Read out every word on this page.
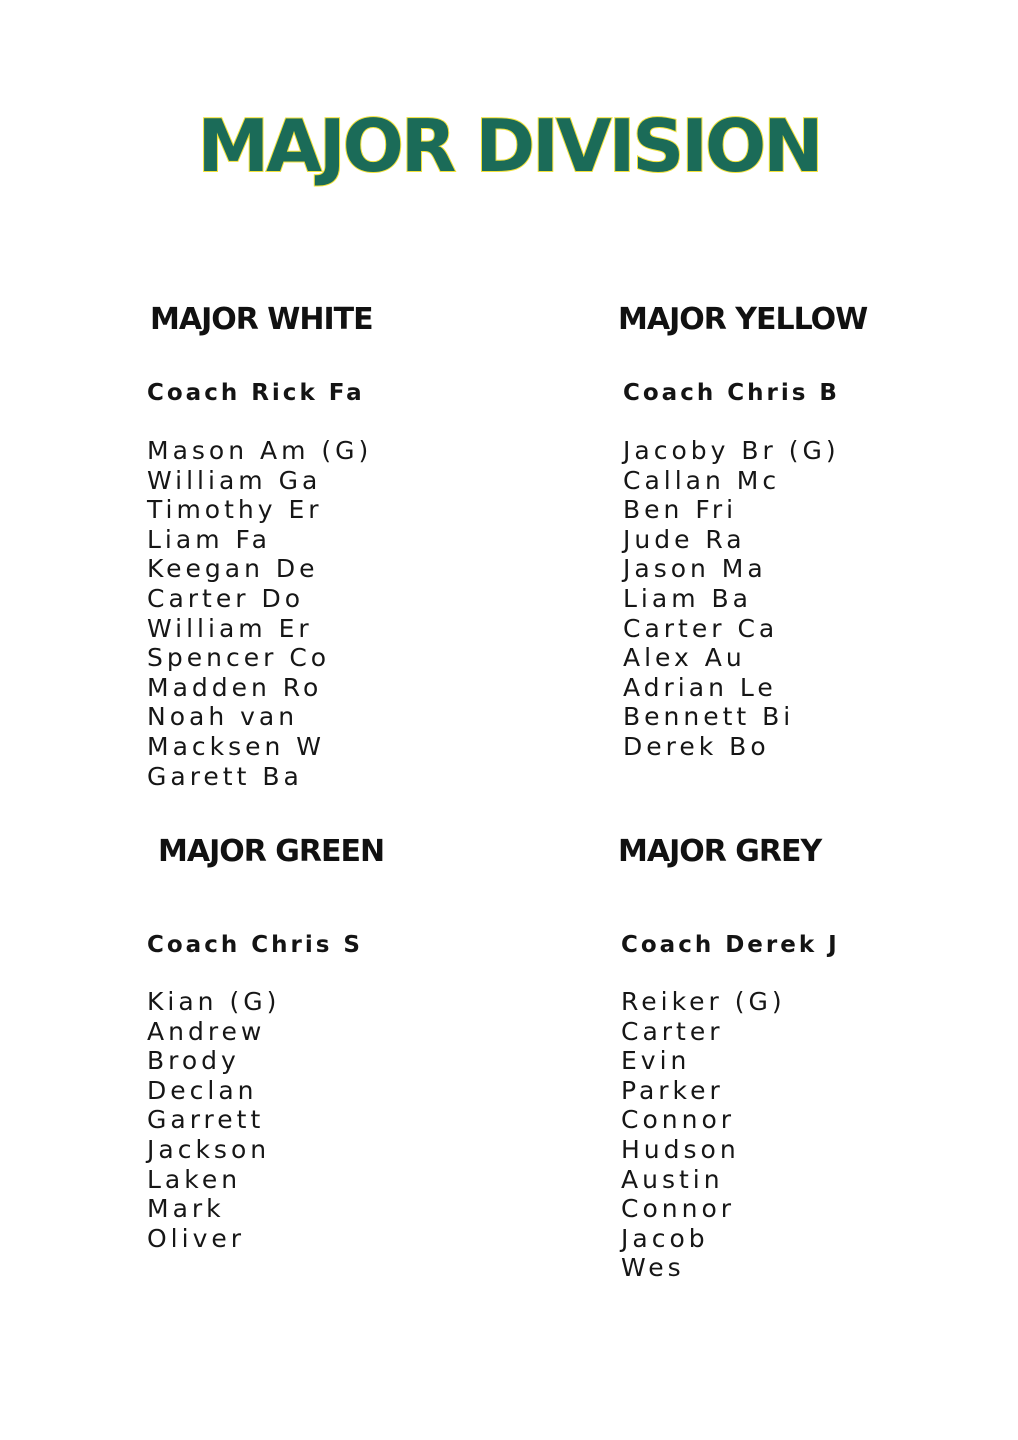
MAJOR DIVISION
MAJOR WHITE
Coach Rick Fa
Mason Am (G)
William Ga
Timothy Er
Liam Fa
Keegan De
Carter Do
William Er
Spencer Co
Madden Ro
Noah van
Macksen W
Garett Ba
MAJOR YELLOW
Coach Chris B
Jacoby Br (G)
Callan Mc
Ben Fri
Jude Ra
Jason Ma
Liam Ba
Carter Ca
Alex Au
Adrian Le
Bennett Bi
Derek Bo
MAJOR GREEN
Coach Chris S
Kian (G)
Andrew
Brody
Declan
Garrett
Jackson
Laken
Mark
Oliver
MAJOR GREY
Coach Derek J
Reiker (G)
Carter
Evin
Parker
Connor
Hudson
Austin
Connor
Jacob
Wes
